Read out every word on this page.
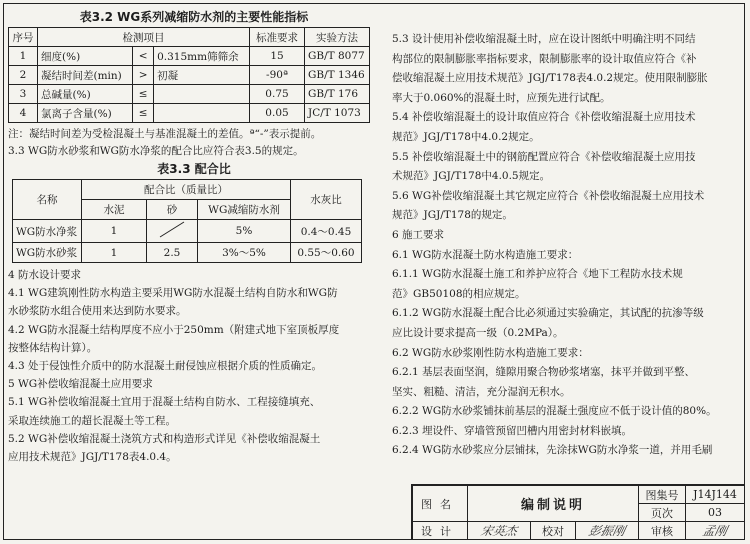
表3.2 WG系列减缩防水剂的主要性能指标
序号	检测项目			标准要求	实验方法
1	细度(%)	<	0.315mm筛筛余	15	GB/T 8077
2	凝结时间差(min)	>	初凝	-90ª	GB/T 1346
3	总碱量(%)	≤		0.75	GB/T 176
4	氯离子含量(%)	≤		0.05	JC/T 1073

注：凝结时间差为受检混凝土与基准混凝土的差值。ª“-”表示提前。

3.3 WG防水砂浆和WG防水净浆的配合比应符合表3.5的规定。

表3.3 配合比
名称	配合比（质量比）			水灰比
	水泥	砂	WG减缩防水剂	
WG防水净浆	1		5%	0.4～0.45
WG防水砂浆	1	2.5	3%～5%	0.55～0.60

4 防水设计要求

4.1 WG建筑刚性防水构造主要采用WG防水混凝土结构自防水和WG防

水砂浆防水组合使用来达到防水要求。

4.2 WG防水混凝土结构厚度不应小于250mm（附建式地下室顶板厚度

按整体结构计算）。

4.3 处于侵蚀性介质中的防水混凝土耐侵蚀应根据介质的性质确定。

5 WG补偿收缩混凝土应用要求

5.1 WG补偿收缩混凝土宜用于混凝土结构自防水、工程接缝填充、

采取连续施工的超长混凝土等工程。

5.2 WG补偿收缩混凝土浇筑方式和构造形式详见《补偿收缩混凝土

应用技术规范》JGJ/T178表4.0.4。

5.3 设计使用补偿收缩混凝土时，应在设计图纸中明确注明不同结

构部位的限制膨胀率指标要求，限制膨胀率的设计取值应符合《补

偿收缩混凝土应用技术规范》JGJ/T178表4.0.2规定。使用限制膨胀

率大于0.060%的混凝土时，应预先进行试配。

5.4 补偿收缩混凝土的设计取值应符合《补偿收缩混凝土应用技术

规范》JGJ/T178中4.0.2规定。

5.5 补偿收缩混凝土中的钢筋配置应符合《补偿收缩混凝土应用技

术规范》JGJ/T178中4.0.5规定。

5.6 WG补偿收缩混凝土其它规定应符合《补偿收缩混凝土应用技术

规范》JGJ/T178的规定。

6 施工要求

6.1 WG防水混凝土防水构造施工要求：

6.1.1 WG防水混凝土施工和养护应符合《地下工程防水技术规

范》GB50108的相应规定。

6.1.2 WG防水混凝土配合比必须通过实验确定，其试配的抗渗等级

应比设计要求提高一级（0.2MPa）。

6.2 WG防水砂浆刚性防水构造施工要求：

6.2.1 基层表面坚润，缝隙用聚合物砂浆堵塞，抹平并做到平整、

坚实、粗糙、清洁，充分湿润无积水。

6.2.2 WG防水砂浆铺抹前基层的混凝土强度应不低于设计值的80%。

6.2.3 埋设件、穿墙管预留凹槽内用密封材料嵌填。

6.2.4 WG防水砂浆应分层铺抹，先涂抹WG防水净浆一道，并用毛刷

图名	编制说明			图集号	J14J144
				页次	03
设计	宋英杰	校对	彭振刚	审核	孟刚
